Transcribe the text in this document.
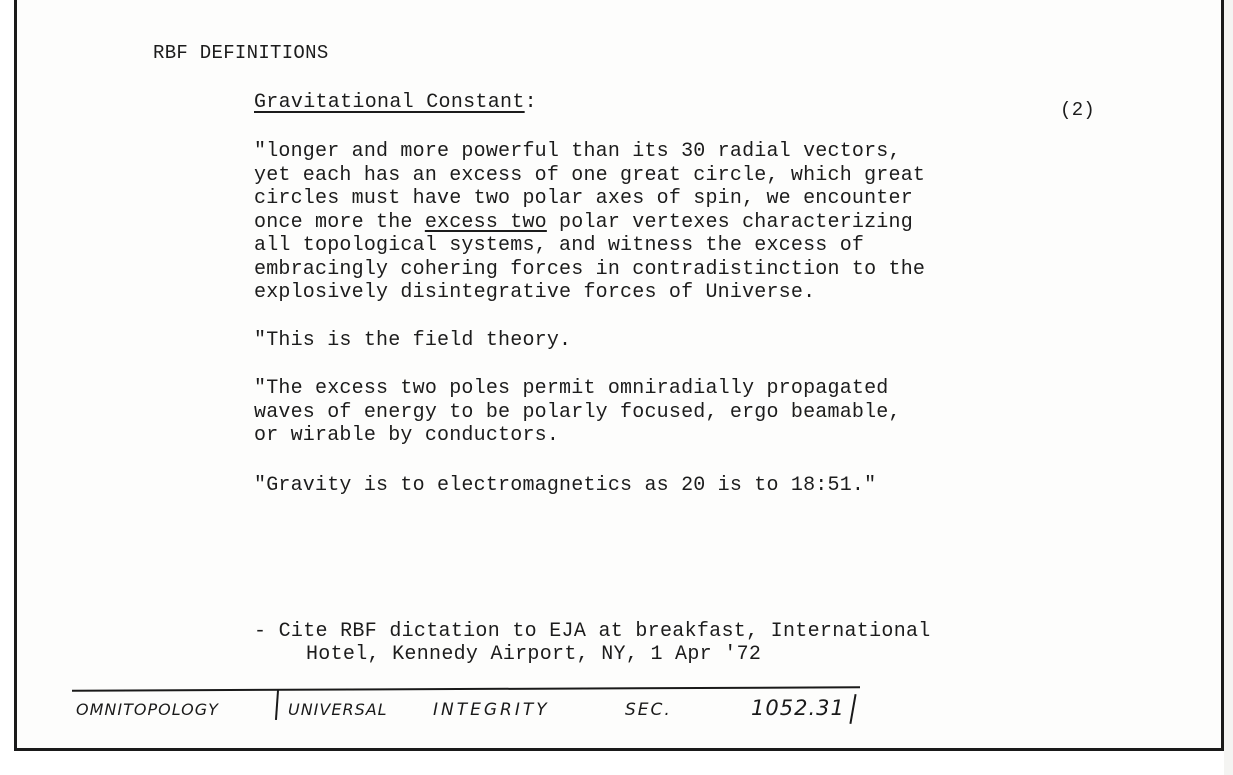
RBF DEFINITIONS
Gravitational Constant:	(2)
"longer and more powerful than its 30 radial vectors,
yet each has an excess of one great circle, which great
circles must have two polar axes of spin, we encounter
once more the excess two polar vertexes characterizing
all topological systems, and witness the excess of
embracingly cohering forces in contradistinction to the
explosively disintegrative forces of Universe.
"This is the field theory.
"The excess two poles permit omniradially propagated
waves of energy to be polarly focused, ergo beamable,
or wirable by conductors.
"Gravity is to electromagnetics as 20 is to 18:51."
- Cite RBF dictation to EJA at breakfast, International
Hotel, Kennedy Airport, NY, 1 Apr '72
OMNITOPOLOGY	UNIVERSAL	INTEGRITY	SEC.	1052.31
